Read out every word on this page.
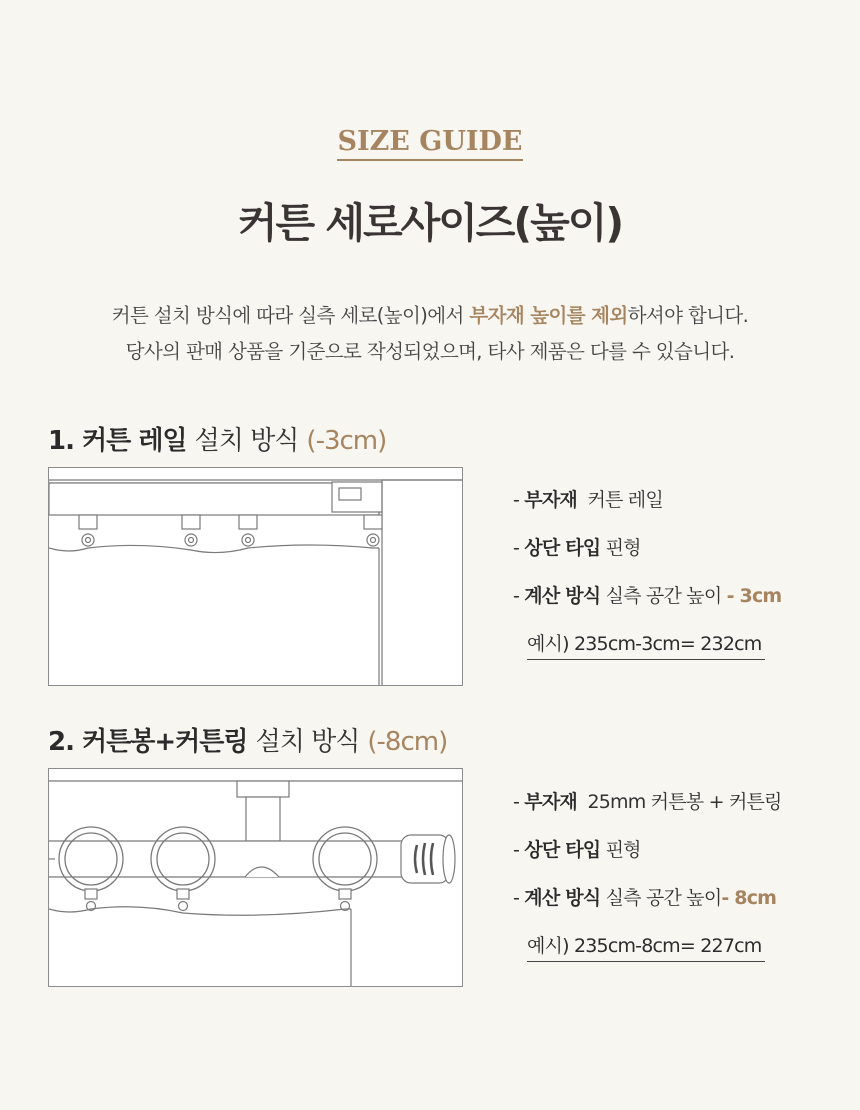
SIZE GUIDE
커튼 세로사이즈(높이)
커튼 설치 방식에 따라 실측 세로(높이)에서 부자재 높이를 제외하셔야 합니다.
당사의 판매 상품을 기준으로 작성되었으며, 타사 제품은 다를 수 있습니다.
1. 커튼 레일 설치 방식 (-3cm)
- 부자재 커튼 레일
- 상단 타입 핀형
- 계산 방식 실측 공간 높이 - 3cm
예시) 235cm-3cm= 232cm
2. 커튼봉+커튼링 설치 방식 (-8cm)
- 부자재 25mm 커튼봉 + 커튼링
- 상단 타입 핀형
- 계산 방식 실측 공간 높이- 8cm
예시) 235cm-8cm= 227cm
